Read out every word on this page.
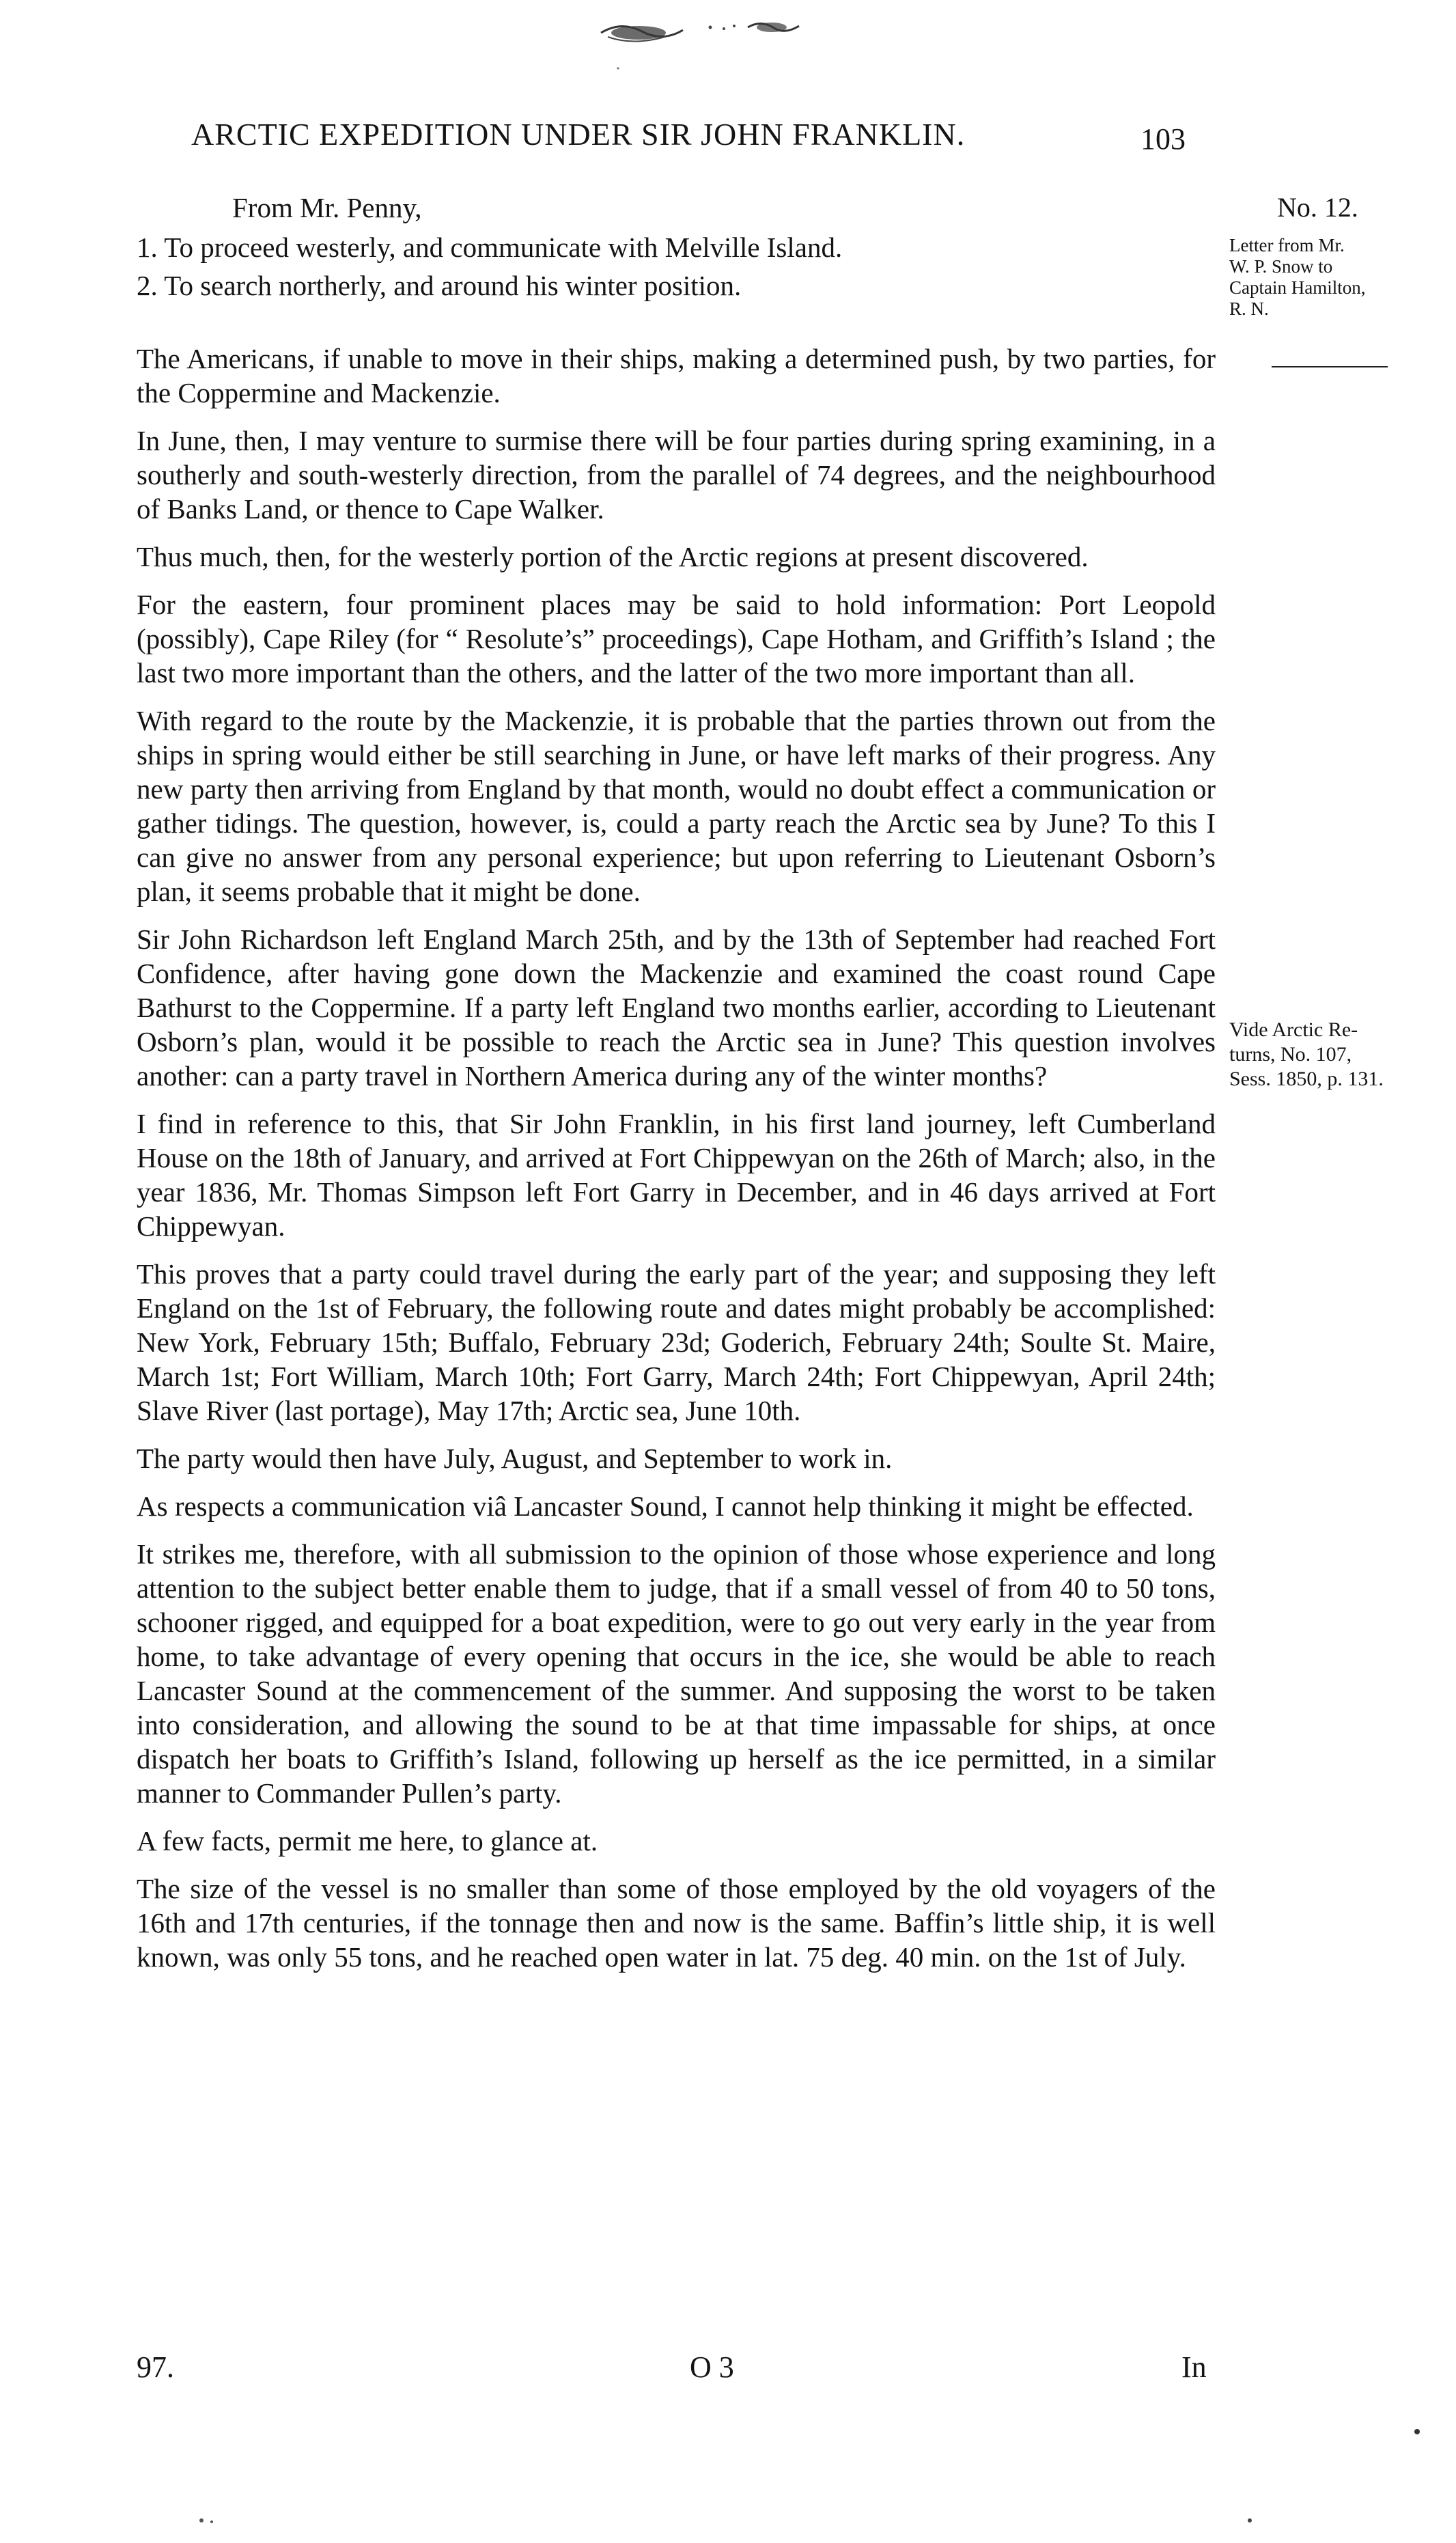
ARCTIC EXPEDITION UNDER SIR JOHN FRANKLIN.	103
From Mr. Penny,
1. To proceed westerly, and communicate with Melville Island.
2. To search northerly, and around his winter position.
No. 12.
Letter from Mr.
W. P. Snow to
Captain Hamilton,
R. N.
Vide Arctic Re-
turns, No. 107,
Sess. 1850, p. 131.

The Americans, if unable to move in their ships, making a determined push, by two parties, for the Coppermine and Mackenzie.

In June, then, I may venture to surmise there will be four parties during spring examining, in a southerly and south-westerly direction, from the parallel of 74 degrees, and the neighbourhood of Banks Land, or thence to Cape Walker.

Thus much, then, for the westerly portion of the Arctic regions at present discovered.

For the eastern, four prominent places may be said to hold information: Port Leopold (possibly), Cape Riley (for “ Resolute’s” proceedings), Cape Hotham, and Griffith’s Island ; the last two more important than the others, and the latter of the two more important than all.

With regard to the route by the Mackenzie, it is probable that the parties thrown out from the ships in spring would either be still searching in June, or have left marks of their progress. Any new party then arriving from England by that month, would no doubt effect a communication or gather tidings. The question, however, is, could a party reach the Arctic sea by June? To this I can give no answer from any personal experience; but upon referring to Lieutenant Osborn’s plan, it seems probable that it might be done.

Sir John Richardson left England March 25th, and by the 13th of September had reached Fort Confidence, after having gone down the Mackenzie and examined the coast round Cape Bathurst to the Coppermine. If a party left England two months earlier, according to Lieutenant Osborn’s plan, would it be possible to reach the Arctic sea in June? This question involves another: can a party travel in Northern America during any of the winter months?

I find in reference to this, that Sir John Franklin, in his first land journey, left Cumberland House on the 18th of January, and arrived at Fort Chippewyan on the 26th of March; also, in the year 1836, Mr. Thomas Simpson left Fort Garry in December, and in 46 days arrived at Fort Chippewyan.

This proves that a party could travel during the early part of the year; and supposing they left England on the 1st of February, the following route and dates might probably be accomplished: New York, February 15th; Buffalo, February 23d; Goderich, February 24th; Soulte St. Maire, March 1st; Fort William, March 10th; Fort Garry, March 24th; Fort Chippewyan, April 24th; Slave River (last portage), May 17th; Arctic sea, June 10th.

The party would then have July, August, and September to work in.

As respects a communication viâ Lancaster Sound, I cannot help thinking it might be effected.

It strikes me, therefore, with all submission to the opinion of those whose experience and long attention to the subject better enable them to judge, that if a small vessel of from 40 to 50 tons, schooner rigged, and equipped for a boat expedition, were to go out very early in the year from home, to take advantage of every opening that occurs in the ice, she would be able to reach Lancaster Sound at the commencement of the summer. And supposing the worst to be taken into consideration, and allowing the sound to be at that time impassable for ships, at once dispatch her boats to Griffith’s Island, following up herself as the ice permitted, in a similar manner to Commander Pullen’s party.

A few facts, permit me here, to glance at.

The size of the vessel is no smaller than some of those employed by the old voyagers of the 16th and 17th centuries, if the tonnage then and now is the same. Baffin’s little ship, it is well known, was only 55 tons, and he reached open water in lat. 75 deg. 40 min. on the 1st of July.

97.	O 3	In
